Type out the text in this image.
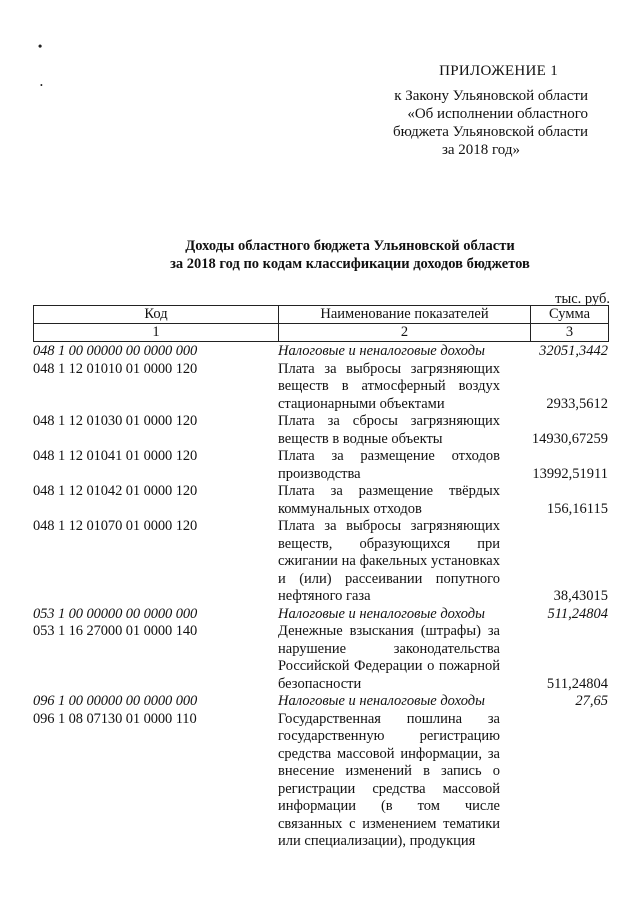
•
•
ПРИЛОЖЕНИЕ 1
к Закону Ульяновской области
«Об исполнении областного
бюджета Ульяновской области
за 2018 год»
Доходы областного бюджета Ульяновской области
за 2018 год по кодам классификации доходов бюджетов
тыс. руб.
Код	Наименование показателей	Сумма
1	2	3
048 1 00 00000 00 0000 000	Налоговые и неналоговые доходы	32051,3442
048 1 12 01010 01 0000 120	Плата за выбросы загрязняющих веществ в атмосферный воздух стационарными объектами	2933,5612
048 1 12 01030 01 0000 120	Плата за сбросы загрязняющих веществ в водные объекты	14930,67259
048 1 12 01041 01 0000 120	Плата за размещение отходов производства	13992,51911
048 1 12 01042 01 0000 120	Плата за размещение твёрдых коммунальных отходов	156,16115
048 1 12 01070 01 0000 120	Плата за выбросы загрязняющих веществ, образующихся при сжигании на факельных установках и (или) рассеивании попутного нефтяного газа	38,43015
053 1 00 00000 00 0000 000	Налоговые и неналоговые доходы	511,24804
053 1 16 27000 01 0000 140	Денежные взыскания (штрафы) за нарушение законодательства Российской Федерации о пожарной безопасности	511,24804
096 1 00 00000 00 0000 000	Налоговые и неналоговые доходы	27,65
096 1 08 07130 01 0000 110	Государственная пошлина за государственную регистрацию средства массовой информации, за внесение изменений в запись о регистрации средства массовой информации (в том числе связанных с изменением тематики или специализации), продукция
